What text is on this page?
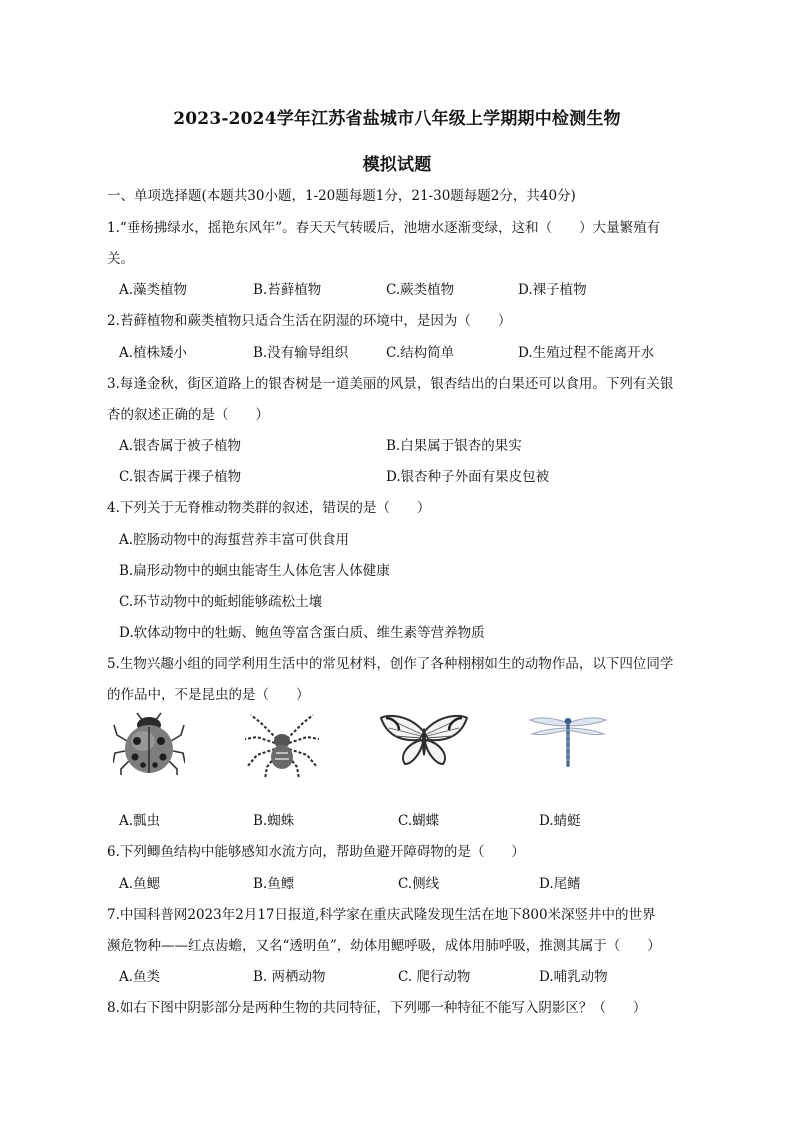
2023-2024学年江苏省盐城市八年级上学期期中检测生物
模拟试题
一、单项选择题(本题共30小题，1-20题每题1分，21-30题每题2分，共40分)
1.“垂杨拂绿水，摇艳东风年”。春天天气转暖后，池塘水逐渐变绿，这和（　　）大量繁殖有
关。
A.藻类植物	B.苔藓植物	C.蕨类植物	D.裸子植物
2.苔藓植物和蕨类植物只适合生活在阴湿的环境中，是因为（　　）
A.植株矮小	B.没有输导组织	C.结构简单	D.生殖过程不能离开水
3.每逢金秋，街区道路上的银杏树是一道美丽的风景，银杏结出的白果还可以食用。下列有关银
杏的叙述正确的是（　　）
A.银杏属于被子植物	B.白果属于银杏的果实
C.银杏属于裸子植物	D.银杏种子外面有果皮包被
4.下列关于无脊椎动物类群的叙述，错误的是（　　）
A.腔肠动物中的海蜇营养丰富可供食用
B.扁形动物中的蛔虫能寄生人体危害人体健康
C.环节动物中的蚯蚓能够疏松土壤
D.软体动物中的牡蛎、鲍鱼等富含蛋白质、维生素等营养物质
5.生物兴趣小组的同学利用生活中的常见材料，创作了各种栩栩如生的动物作品，以下四位同学
的作品中，不是昆虫的是（　　）
A.瓢虫	B.蜘蛛	C.蝴蝶	D.蜻蜓
6.下列鲫鱼结构中能够感知水流方向，帮助鱼避开障碍物的是（　　）
A.鱼鳃	B.鱼鳔	C.侧线	D.尾鳍
7.中国科普网2023年2月17日报道,科学家在重庆武隆发现生活在地下800米深竖井中的世界
濒危物种——红点齿蟾，又名“透明鱼”，幼体用鳃呼吸，成体用肺呼吸，推测其属于（　　）
A.鱼类	B. 两栖动物	C. 爬行动物	D.哺乳动物
8.如右下图中阴影部分是两种生物的共同特征，下列哪一种特征不能写入阴影区？（　　）
